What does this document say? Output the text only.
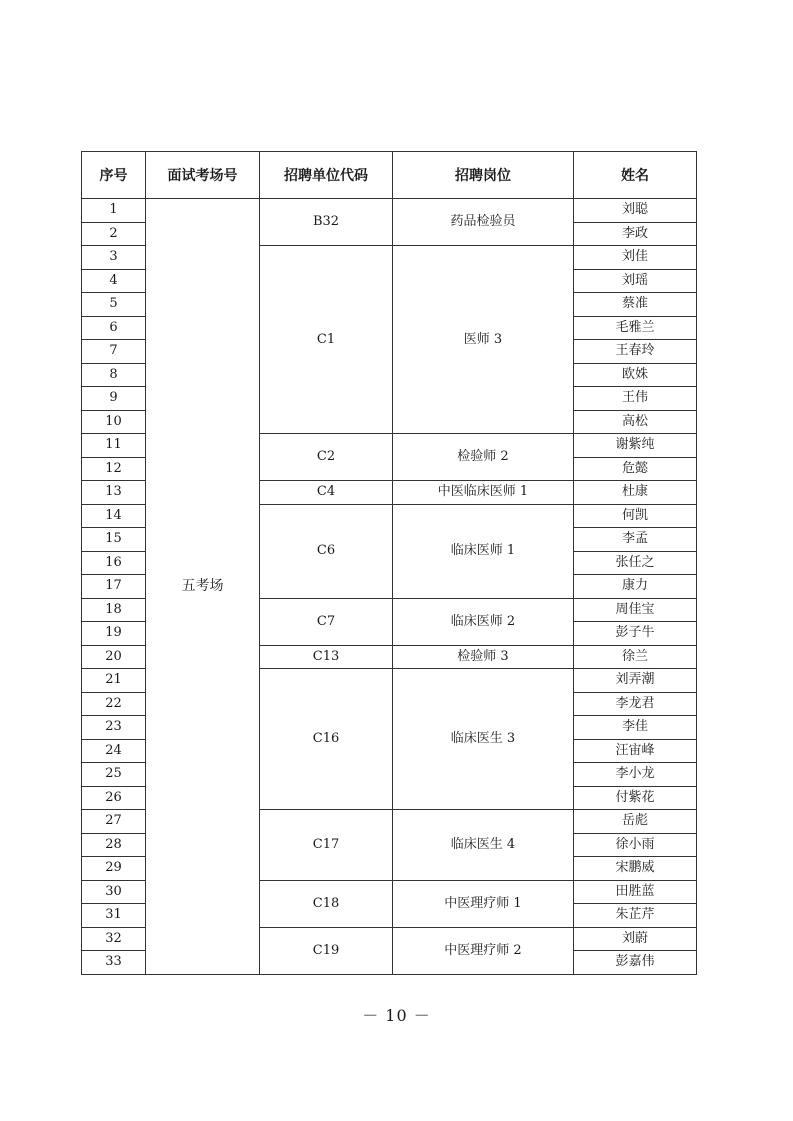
序号	面试考场号	招聘单位代码	招聘岗位	姓名
1	五考场	B32	药品检验员	刘聪
2				李政
3		C1	医师 3	刘佳
4				刘瑶
5				蔡准
6				毛雅兰
7				王春玲
8				欧姝
9				王伟
10				高松
11		C2	检验师 2	谢紫纯
12				危懿
13		C4	中医临床医师 1	杜康
14		C6	临床医师 1	何凯
15				李孟
16				张任之
17				康力
18		C7	临床医师 2	周佳宝
19				彭子牛
20		C13	检验师 3	徐兰
21		C16	临床医生 3	刘弄潮
22				李龙君
23				李佳
24				汪宙峰
25				李小龙
26				付紫花
27		C17	临床医生 4	岳彪
28				徐小雨
29				宋鹏威
30		C18	中医理疗师 1	田胜蓝
31				朱芷芹
32		C19	中医理疗师 2	刘蔚
33				彭嘉伟
－ 10 －
